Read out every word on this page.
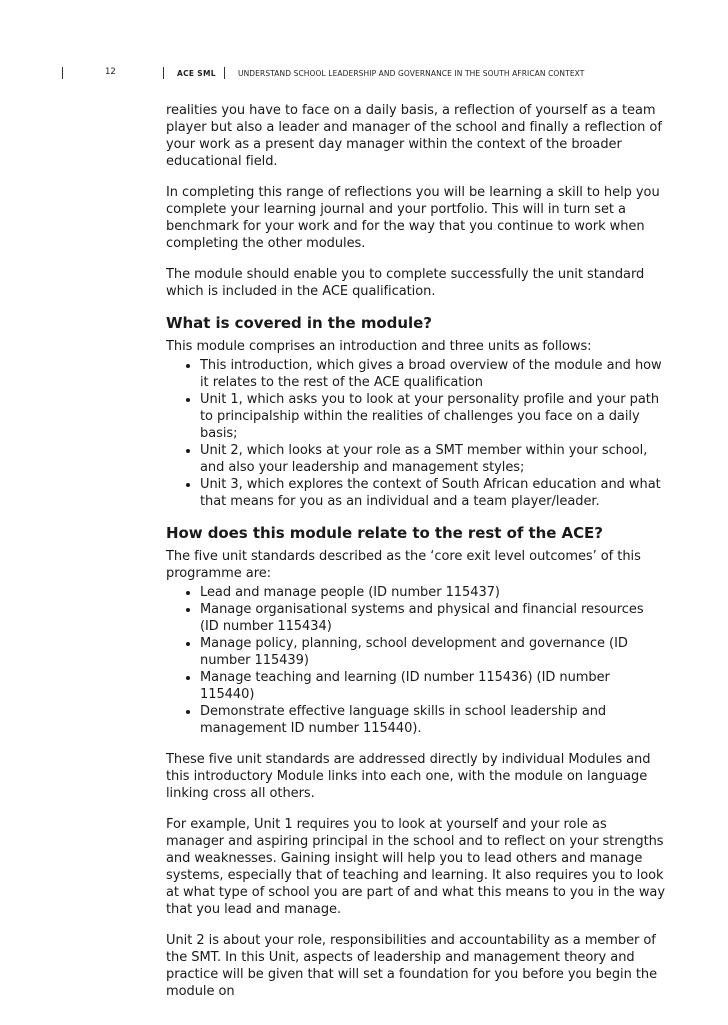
12	ACE SML	UNDERSTAND SCHOOL LEADERSHIP AND GOVERNANCE IN THE SOUTH AFRICAN CONTEXT

realities you have to face on a daily basis, a reflection of yourself as a team player but also a leader and manager of the school and finally a reflection of your work as a present day manager within the context of the broader educational field.

In completing this range of reflections you will be learning a skill to help you complete your learning journal and your portfolio. This will in turn set a benchmark for your work and for the way that you continue to work when completing the other modules.

The module should enable you to complete successfully the unit standard which is included in the ACE qualification.

What is covered in the module?

This module comprises an introduction and three units as follows:

This introduction, which gives a broad overview of the module and how it relates to the rest of the ACE qualification
Unit 1, which asks you to look at your personality profile and your path to principalship within the realities of challenges you face on a daily basis;
Unit 2, which looks at your role as a SMT member within your school, and also your leadership and management styles;
Unit 3, which explores the context of South African education and what that means for you as an individual and a team player/leader.
How does this module relate to the rest of the ACE?

The five unit standards described as the ‘core exit level outcomes’ of this programme are:

Lead and manage people (ID number 115437)
Manage organisational systems and physical and financial resources (ID number 115434)
Manage policy, planning, school development and governance (ID number 115439)
Manage teaching and learning (ID number 115436) (ID number 115440)
Demonstrate effective language skills in school leadership and management ID number 115440).

These five unit standards are addressed directly by individual Modules and this introductory Module links into each one, with the module on language linking cross all others.

For example, Unit 1 requires you to look at yourself and your role as manager and aspiring principal in the school and to reflect on your strengths and weaknesses. Gaining insight will help you to lead others and manage systems, especially that of teaching and learning. It also requires you to look at what type of school you are part of and what this means to you in the way that you lead and manage.

Unit 2 is about your role, responsibilities and accountability as a member of the SMT. In this Unit, aspects of leadership and management theory and practice will be given that will set a foundation for you before you begin the module on
